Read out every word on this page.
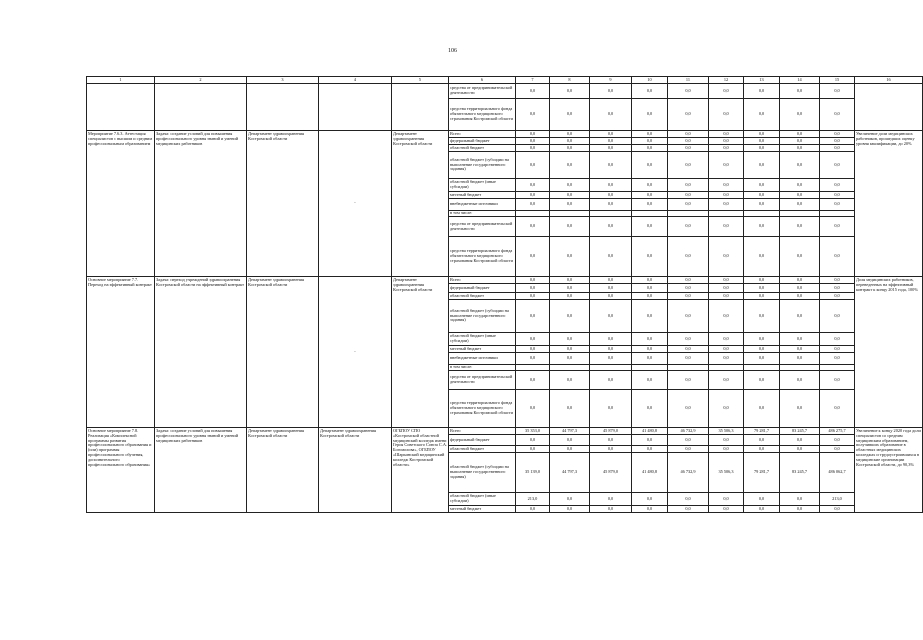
106
1	2	3	4	5	6	7	8	9	10	11	12	13	14	15	16
					средства от предпринимательской деятельности	0,0	0,0	0,0	0,0	0,0	0,0	0,0	0,0	0,0	
					средства территориального фонда обязательного медицинского страхования Костромской области	0,0	0,0	0,0	0,0	0,0	0,0	0,0	0,0	0,0	
Мероприятие 7.6.3. Аттестация специалистов с высшим и средним профессиональным образованием	Задача: создание условий для повышения профессионального уровня знаний и умений медицинских работников	Департамент здравоохранения Костромской области	-	Департамент здравоохранения Костромской области	Всего	0,0	0,0	0,0	0,0	0,0	0,0	0,0	0,0	0,0	Увеличение доли медицинских работников, прошедших оценку уровня квалификации, до 20%
					федеральный бюджет	0,0	0,0	0,0	0,0	0,0	0,0	0,0	0,0	0,0	
					областной бюджет	0,0	0,0	0,0	0,0	0,0	0,0	0,0	0,0	0,0	
					областной бюджет (субсидии на выполнение государственного задания)	0,0	0,0	0,0	0,0	0,0	0,0	0,0	0,0	0,0	
					областной бюджет (иные субсидии)	0,0	0,0	0,0	0,0	0,0	0,0	0,0	0,0	0,0	
					местный бюджет	0,0	0,0	0,0	0,0	0,0	0,0	0,0	0,0	0,0	
					внебюджетные источники	0,0	0,0	0,0	0,0	0,0	0,0	0,0	0,0	0,0	
					в том числе:										
					средства от предпринимательской деятельности	0,0	0,0	0,0	0,0	0,0	0,0	0,0	0,0	0,0	
					средства территориального фонда обязательного медицинского страхования Костромской области	0,0	0,0	0,0	0,0	0,0	0,0	0,0	0,0	0,0	
Основное мероприятие 7.7. Переход на эффективный контракт	Задача: переход учреждений здравоохранения Костромской области на эффективный контракт	Департамент здравоохранения Костромской области	-	Департамент здравоохранения Костромской области	Всего	0,0	0,0	0,0	0,0	0,0	0,0	0,0	0,0	0,0	Доля медицинских работников, переведенных на эффективный контракт к концу 2015 года, 100%
					федеральный бюджет	0,0	0,0	0,0	0,0	0,0	0,0	0,0	0,0	0,0	
					областной бюджет	0,0	0,0	0,0	0,0	0,0	0,0	0,0	0,0	0,0	
					областной бюджет (субсидии на выполнение государственного задания)	0,0	0,0	0,0	0,0	0,0	0,0	0,0	0,0	0,0	
					областной бюджет (иные субсидии)	0,0	0,0	0,0	0,0	0,0	0,0	0,0	0,0	0,0	
					местный бюджет	0,0	0,0	0,0	0,0	0,0	0,0	0,0	0,0	0,0	
					внебюджетные источники	0,0	0,0	0,0	0,0	0,0	0,0	0,0	0,0	0,0	
					в том числе:										
					средства от предпринимательской деятельности	0,0	0,0	0,0	0,0	0,0	0,0	0,0	0,0	0,0	
					средства территориального фонда обязательного медицинского страхования Костромской области	0,0	0,0	0,0	0,0	0,0	0,0	0,0	0,0	0,0	
Основное мероприятие 7.8. Реализация «Комплексной программы развития профессионального образования и (или) программы профессионального обучения, дополнительного профессионального образования»	Задача: создание условий для повышения профессионального уровня знаний и умений медицинских работников	Департамент здравоохранения Костромской области	Департамент здравоохранения Костромской области	ОГБПОУ СПО «Костромской областной медицинский колледж имени Героя Советского Союза С.А. Богомолова», ОГБПОУ «Шарьинский медицинский колледж Костромской области»	Всего	35 353,0	44 797,3	45 879,0	41 480,8	46 732,9	35 506,3	79 281,7	83 245,7	486 275,7	Увеличение к концу 2020 года доли специалистов со средним медицинским образованием, получивших образование в областных медицинских колледжах и трудоустроившихся в медицинские организации Костромской области, до 90,3%
					федеральный бюджет	0,0	0,0	0,0	0,0	0,0	0,0	0,0	0,0	0,0	
					областной бюджет	0,0	0,0	0,0	0,0	0,0	0,0	0,0	0,0	0,0	
					областной бюджет (субсидии на выполнение государственного задания)	35 139,0	44 797,3	45 879,0	41 480,8	46 732,9	35 506,3	79 281,7	83 245,7	486 062,7	
					областной бюджет (иные субсидии)	213,0	0,0	0,0	0,0	0,0	0,0	0,0	0,0	213,0	
					местный бюджет	0,0	0,0	0,0	0,0	0,0	0,0	0,0	0,0	0,0	
